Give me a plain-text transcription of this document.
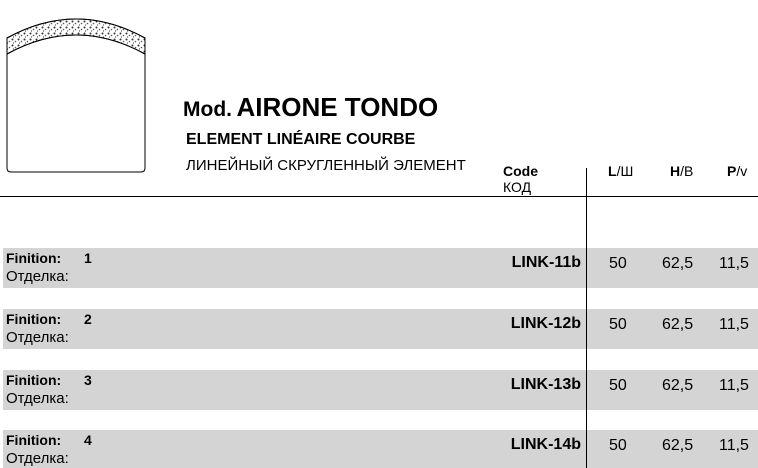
Mod. AIRONE TONDO
ELEMENT LINÉAIRE COURBE
ЛИНЕЙНЫЙ СКРУГЛЕННЫЙ ЭЛЕМЕНТ	Code
КОД
L/Ш	H/В P/v
Finition: 1
Отделка:
LINK-11b 50 62,5 11,5
Finition: 2
Отделка:
LINK-12b 50 62,5 11,5
Finition: 3
Отделка:
LINK-13b 50 62,5 11,5
Finition: 4
Отделка:
LINK-14b 50 62,5 11,5
